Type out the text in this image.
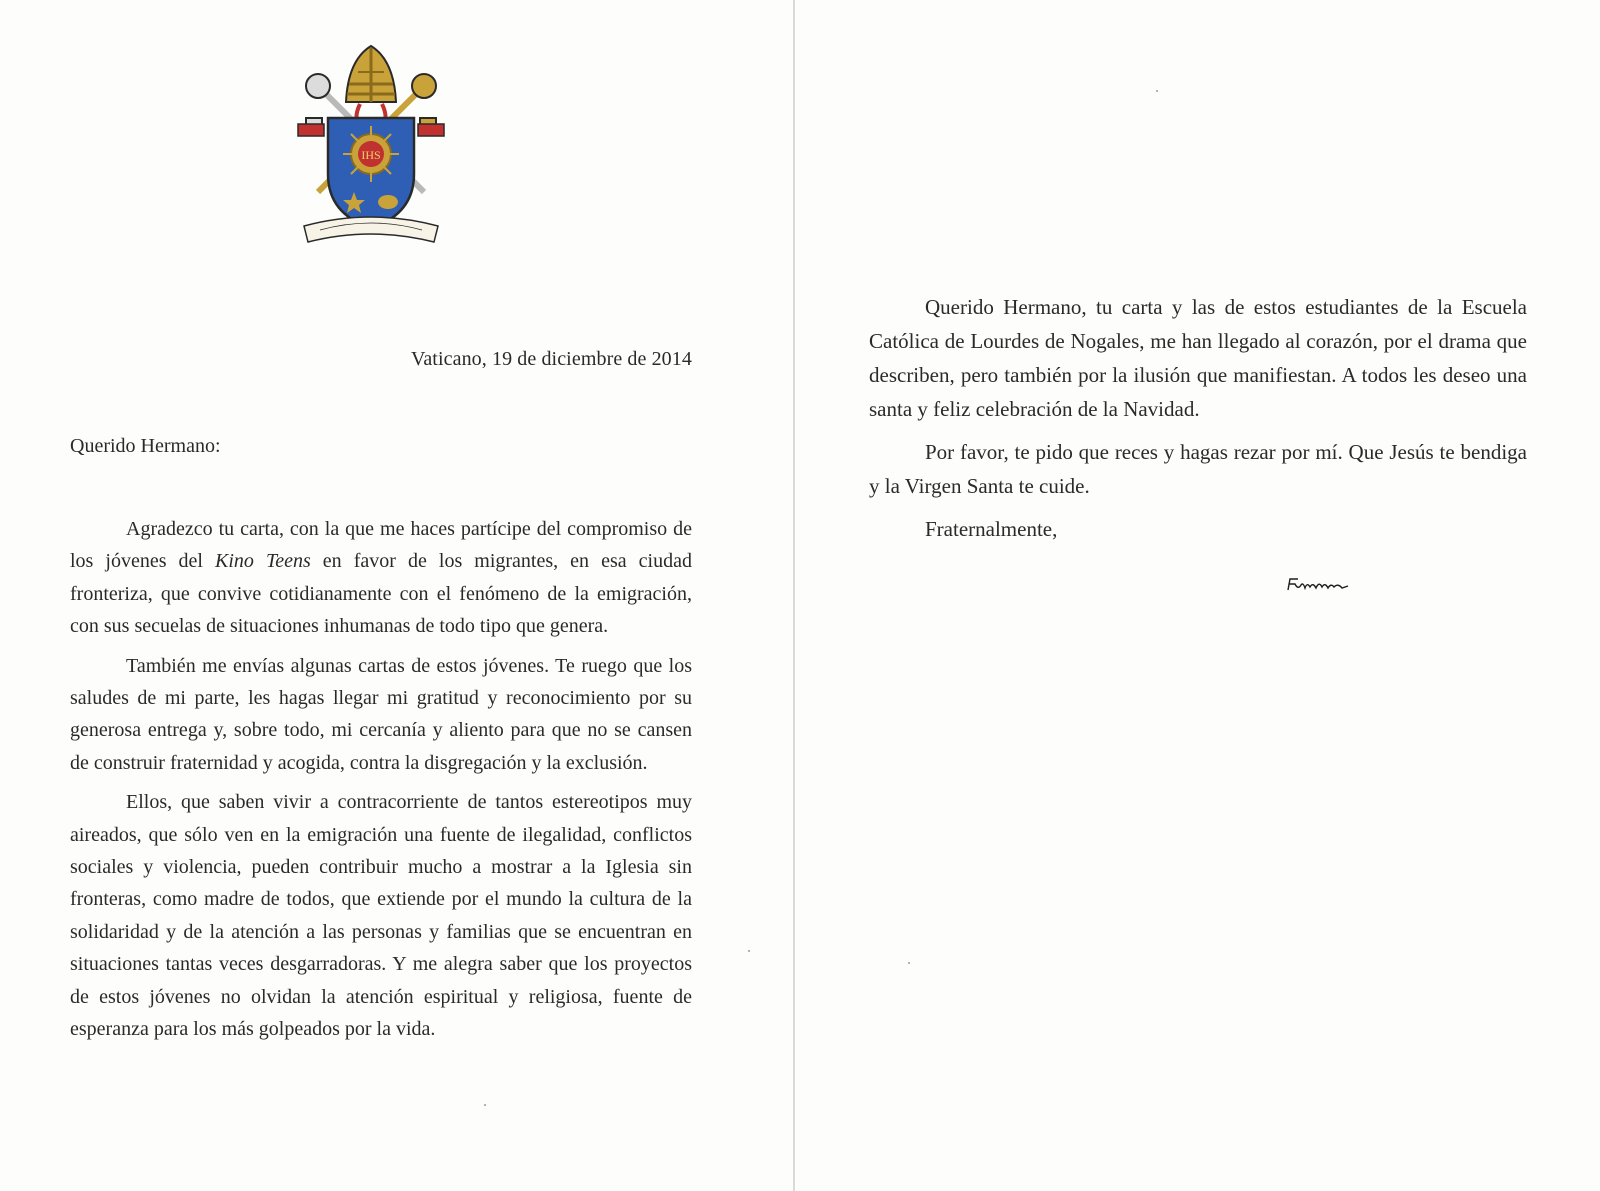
IHS
Vaticano, 19 de diciembre de 2014
Querido Hermano:

Agradezco tu carta, con la que me haces partícipe del compromiso de los jóvenes del Kino Teens en favor de los migrantes, en esa ciudad fronteriza, que convive cotidianamente con el fenómeno de la emigración, con sus secuelas de situaciones inhumanas de todo tipo que genera.

También me envías algunas cartas de estos jóvenes. Te ruego que los saludes de mi parte, les hagas llegar mi gratitud y reconocimiento por su generosa entrega y, sobre todo, mi cercanía y aliento para que no se cansen de construir fraternidad y acogida, contra la disgregación y la exclusión.

Ellos, que saben vivir a contracorriente de tantos estereotipos muy aireados, que sólo ven en la emigración una fuente de ilegalidad, conflictos sociales y violencia, pueden contribuir mucho a mostrar a la Iglesia sin fronteras, como madre de todos, que extiende por el mundo la cultura de la solidaridad y de la atención a las personas y familias que se encuentran en situaciones tantas veces desgarradoras. Y me alegra saber que los proyectos de estos jóvenes no olvidan la atención espiritual y religiosa, fuente de esperanza para los más golpeados por la vida.

Querido Hermano, tu carta y las de estos estudiantes de la Escuela Católica de Lourdes de Nogales, me han llegado al corazón, por el drama que describen, pero también por la ilusión que manifiestan. A todos les deseo una santa y feliz celebración de la Navidad.

Por favor, te pido que reces y hagas rezar por mí. Que Jesús te bendiga y la Virgen Santa te cuide.

Fraternalmente,
